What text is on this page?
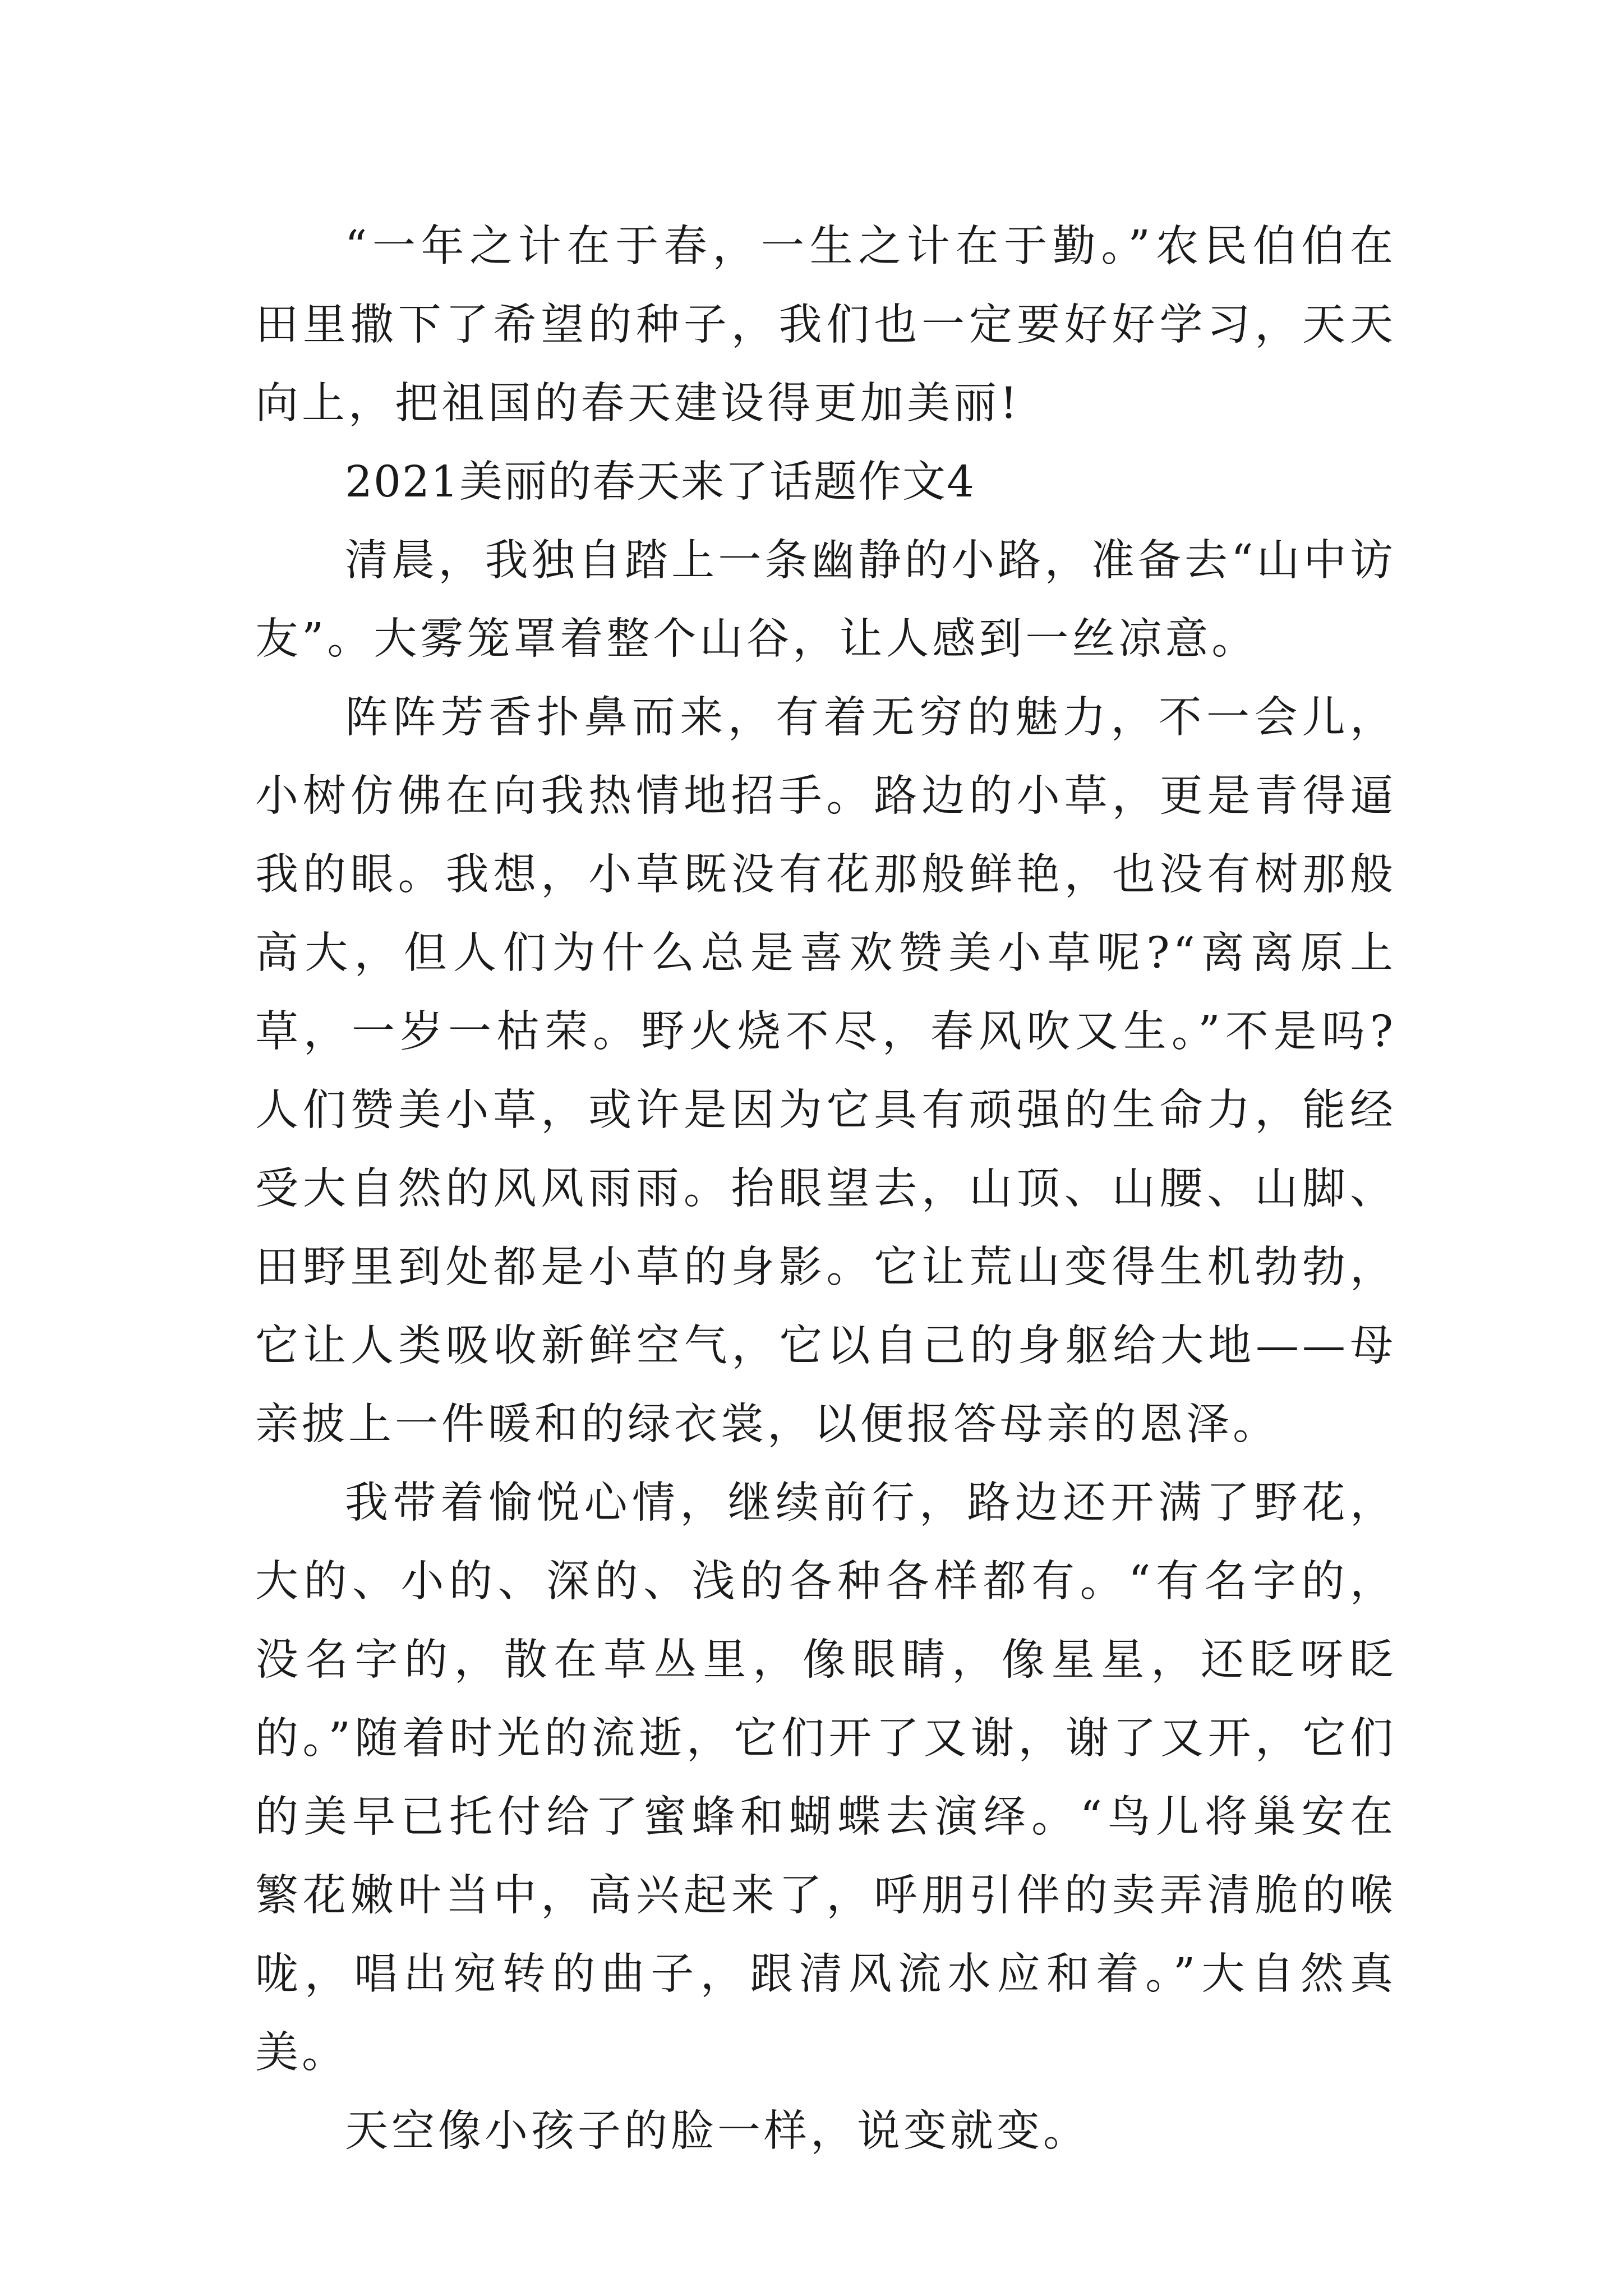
“一年之计在于春，一生之计在于勤。”农民伯伯在田里撒下了希望的种子，我们也一定要好好学习，天天向上，把祖国的春天建设得更加美丽!

2021美丽的春天来了话题作文4

清晨，我独自踏上一条幽静的小路，准备去“山中访友”。大雾笼罩着整个山谷，让人感到一丝凉意。

阵阵芳香扑鼻而来，有着无穷的魅力，不一会儿，小树仿佛在向我热情地招手。路边的小草，更是青得逼我的眼。我想，小草既没有花那般鲜艳，也没有树那般高大，但人们为什么总是喜欢赞美小草呢?“离离原上草，一岁一枯荣。野火烧不尽，春风吹又生。”不是吗?人们赞美小草，或许是因为它具有顽强的生命力，能经受大自然的风风雨雨。抬眼望去，山顶、山腰、山脚、田野里到处都是小草的身影。它让荒山变得生机勃勃，它让人类吸收新鲜空气，它以自己的身躯给大地——母亲披上一件暖和的绿衣裳，以便报答母亲的恩泽。

我带着愉悦心情，继续前行，路边还开满了野花，大的、小的、深的、浅的各种各样都有。“有名字的，没名字的，散在草丛里，像眼睛，像星星，还眨呀眨的。”随着时光的流逝，它们开了又谢，谢了又开，它们的美早已托付给了蜜蜂和蝴蝶去演绎。“鸟儿将巢安在繁花嫩叶当中，高兴起来了，呼朋引伴的卖弄清脆的喉咙，唱出宛转的曲子，跟清风流水应和着。”大自然真美。

天空像小孩子的脸一样，说变就变。
